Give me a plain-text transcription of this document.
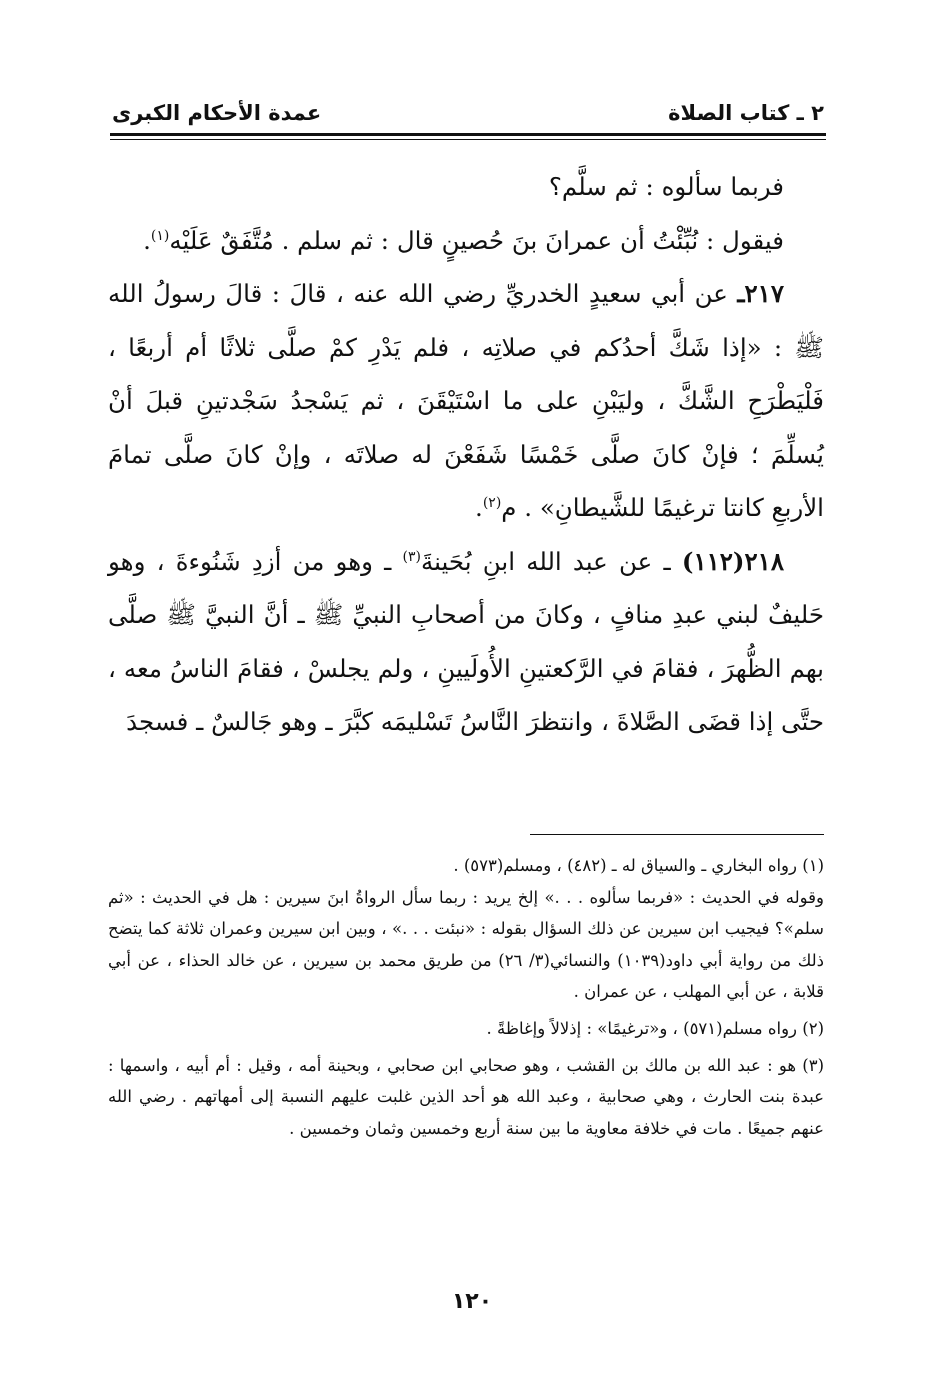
٢ ـ كتاب الصلاة
عمدة الأحكام الكبرى

فربما سألوه : ثم سلَّم؟

فيقول : نُبِّئْتُ أن عمرانَ بنَ حُصينٍ قال : ثم سلم . مُتَّفَقٌ عَلَيْه$^{(١)}$.

٢١٧ـ عن أبي سعيدٍ الخدريِّ رضي الله عنه ، قالَ : قالَ رسولُ الله ﷺ : «إذا شَكَّ أحدُكم في صلاتِه ، فلم يَدْرِ كمْ صلَّى ثلاثًا أم أربعًا ، فَلْيَطْرَحِ الشَّكَّ ، وليَبْنِ على ما اسْتَيْقَنَ ، ثم يَسْجدُ سَجْدتينِ قبلَ أنْ يُسلِّمَ ؛ فإنْ كانَ صلَّى خَمْسًا شَفَعْنَ له صلاتَه ، وإنْ كانَ صلَّى تمامَ الأربعِ كانتا ترغيمًا للشَّيطانِ» . م$^{(٢)}$.

٢١٨(١١٢) ـ عن عبد الله ابنِ بُحَينةَ$^{(٣)}$ ـ وهو من أزدِ شَنُوءةَ ، وهو حَليفٌ لبني عبدِ منافٍ ، وكانَ من أصحابِ النبيِّ ﷺ ـ أنَّ النبيَّ ﷺ صلَّى بهم الظُّهرَ ، فقامَ في الرَّكعتينِ الأُولَيينِ ، ولم يجلسْ ، فقامَ الناسُ معه ، حتَّى إذا قضَى الصَّلاةَ ، وانتظرَ النَّاسُ تَسْليمَه كبَّرَ ـ وهو جَالسٌ ـ فسجدَ

(١) رواه البخاري ـ والسياق له ـ (٤٨٢) ، ومسلم(٥٧٣) .

وقوله في الحديث : «فربما سألوه . . .» إلخ يريد : ربما سأل الرواةُ ابنَ سيرين : هل في الحديث : «ثم سلم»؟ فيجيب ابن سيرين عن ذلك السؤال بقوله : «نبئت . . .» ، وبين ابن سيرين وعمران ثلاثة كما يتضح ذلك من رواية أبي داود(١٠٣٩) والنسائي(٣/ ٢٦) من طريق محمد بن سيرين ، عن خالد الحذاء ، عن أبي قلابة ، عن أبي المهلب ، عن عمران .

(٢) رواه مسلم(٥٧١) ، و«ترغيمًا» : إذلالاً وإغاظةً .

(٣) هو : عبد الله بن مالك بن القشب ، وهو صحابي ابن صحابي ، وبحينة أمه ، وقيل : أم أبيه ، واسمها : عبدة بنت الحارث ، وهي صحابية ، وعبد الله هو أحد الذين غلبت عليهم النسبة إلى أمهاتهم . رضي الله عنهم جميعًا . مات في خلافة معاوية ما بين سنة أربع وخمسين وثمان وخمسين .

١٢٠
